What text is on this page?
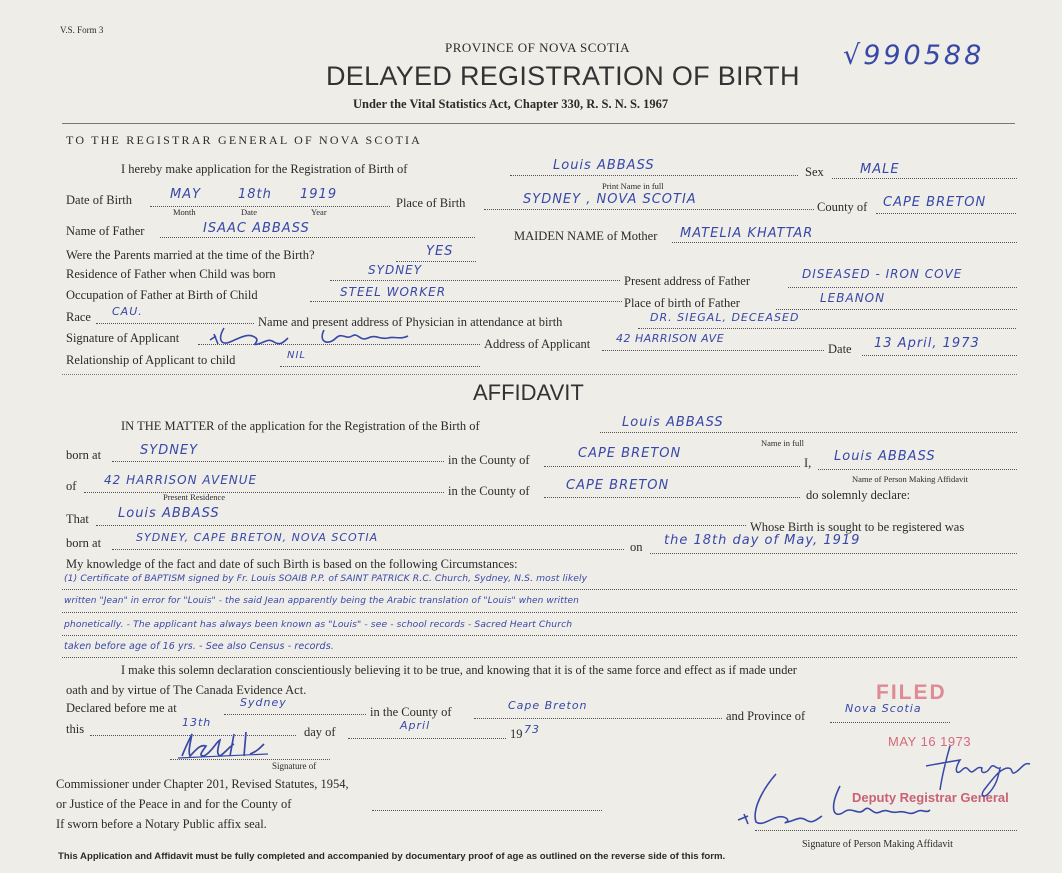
V.S. Form 3
PROVINCE OF NOVA SCOTIA
DELAYED REGISTRATION OF BIRTH
Under the Vital Statistics Act, Chapter 330, R. S. N. S. 1967
√990588
TO THE REGISTRAR GENERAL OF NOVA SCOTIA
I hereby make application for the Registration of Birth of	Louis ABBASS
Print Name in full
Sex	MALE
Date of Birth	MAY	18th 1919
Month	Date	Year
Place of Birth	SYDNEY , NOVA SCOTIA	County of CAPE BRETON
Name of Father	ISAAC ABBASS	MAIDEN NAME of Mother MATELIA KHATTAR
Were the Parents married at the time of the Birth?	YES
Residence of Father when Child was born	SYDNEY
Present address of Father	DISEASED - IRON COVE
Occupation of Father at Birth of Child	STEEL WORKER
Place of birth of Father	LEBANON
Race CAU.
Name and present address of Physician in attendance at birth	DR. SIEGAL, DECEASED
Signature of Applicant	Address of Applicant 42 HARRISON AVE
Date 13 April, 1973
Relationship of Applicant to child	NIL
AFFIDAVIT
IN THE MATTER of the application for the Registration of the Birth of	Louis ABBASS
Name in full
born at	SYDNEY
in the County of	CAPE BRETON
I, Louis ABBASS
Name of Person Making Affidavit
of 42 HARRISON AVENUE
Present Residence	in the County of	CAPE BRETON
do solemnly declare:
That Louis ABBASS
Whose Birth is sought to be registered was
born at	SYDNEY, CAPE BRETON, NOVA SCOTIA
on the 18th day of May, 1919
My knowledge of the fact and date of such Birth is based on the following Circumstances:
(1) Certificate of BAPTISM signed by Fr. Louis SOAIB P.P. of SAINT PATRICK R.C. Church, Sydney, N.S. most likely
written "Jean" in error for "Louis" - the said Jean apparently being the Arabic translation of "Louis" when written
phonetically. - The applicant has always been known as "Louis" - see - school records - Sacred Heart Church
taken before age of 16 yrs. - See also Census - records.
I make this solemn declaration conscientiously believing it to be true, and knowing that it is of the same force and effect as if made under
oath and by virtue of The Canada Evidence Act.
Declared before me at	Sydney
in the County of	Cape Breton
and Province of
Nova Scotia
this	13th
day of	April
19 73
Signature of
Commissioner under Chapter 201, Revised Statutes, 1954,
or Justice of the Peace in and for the County of
If sworn before a Notary Public affix seal.
FILED
MAY 16 1973
Deputy Registrar General
Signature of Person Making Affidavit
This Application and Affidavit must be fully completed and accompanied by documentary proof of age as outlined on the reverse side of this form.
